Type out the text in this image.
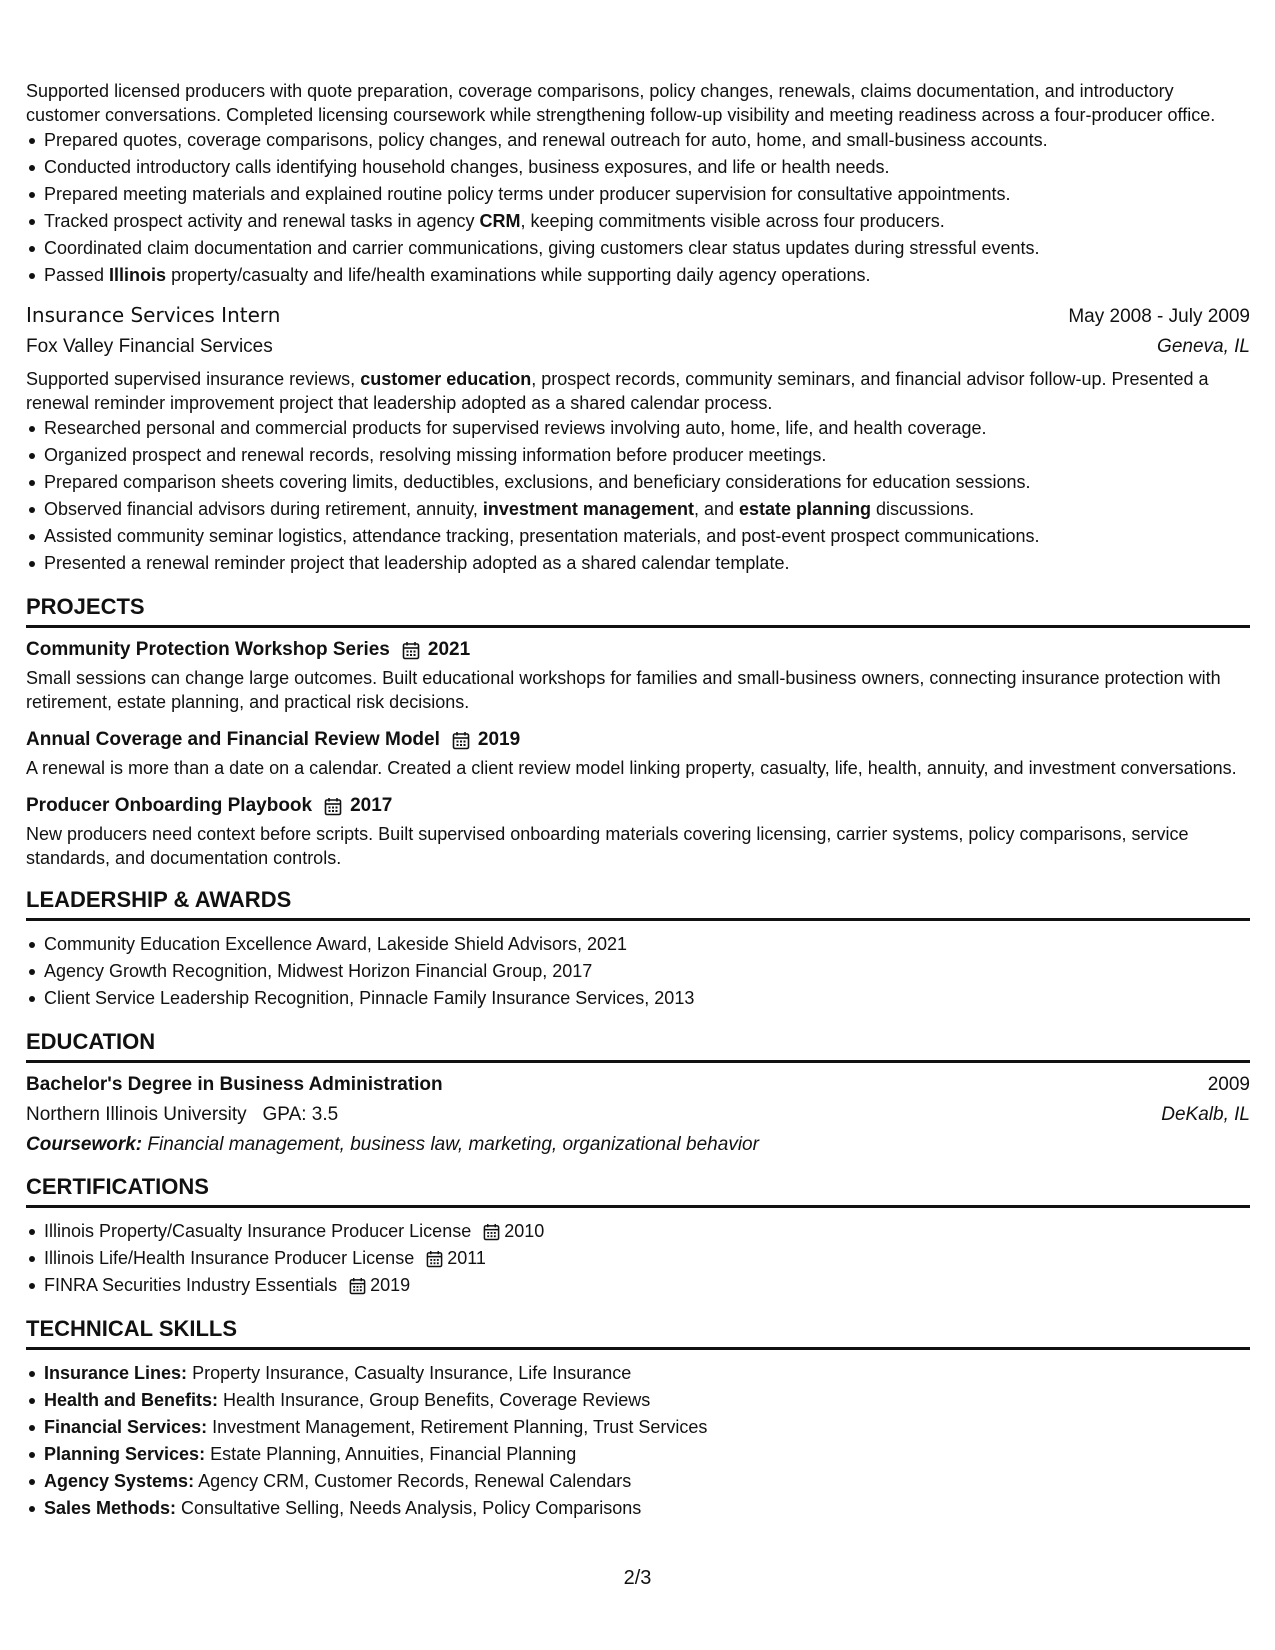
Supported licensed producers with quote preparation, coverage comparisons, policy changes, renewals, claims documentation, and introductory customer conversations. Completed licensing coursework while strengthening follow-up visibility and meeting readiness across a four-producer office.

Prepared quotes, coverage comparisons, policy changes, and renewal outreach for auto, home, and small-business accounts.
Conducted introductory calls identifying household changes, business exposures, and life or health needs.
Prepared meeting materials and explained routine policy terms under producer supervision for consultative appointments.
Tracked prospect activity and renewal tasks in agency CRM, keeping commitments visible across four producers.
Coordinated claim documentation and carrier communications, giving customers clear status updates during stressful events.
Passed Illinois property/casualty and life/health examinations while supporting daily agency operations.
Insurance Services Intern	May 2008 - July 2009
Fox Valley Financial Services	Geneva, IL

Supported supervised insurance reviews, customer education, prospect records, community seminars, and financial advisor follow-up. Presented a renewal reminder improvement project that leadership adopted as a shared calendar process.

Researched personal and commercial products for supervised reviews involving auto, home, life, and health coverage.
Organized prospect and renewal records, resolving missing information before producer meetings.
Prepared comparison sheets covering limits, deductibles, exclusions, and beneficiary considerations for education sessions.
Observed financial advisors during retirement, annuity, investment management, and estate planning discussions.
Assisted community seminar logistics, attendance tracking, presentation materials, and post-event prospect communications.
Presented a renewal reminder project that leadership adopted as a shared calendar template.
PROJECTS
Community Protection Workshop Series 2021

Small sessions can change large outcomes. Built educational workshops for families and small-business owners, connecting insurance protection with retirement, estate planning, and practical risk decisions.

Annual Coverage and Financial Review Model 2019

A renewal is more than a date on a calendar. Created a client review model linking property, casualty, life, health, annuity, and investment conversations.

Producer Onboarding Playbook 2017

New producers need context before scripts. Built supervised onboarding materials covering licensing, carrier systems, policy comparisons, service standards, and documentation controls.

LEADERSHIP & AWARDS
Community Education Excellence Award, Lakeside Shield Advisors, 2021
Agency Growth Recognition, Midwest Horizon Financial Group, 2017
Client Service Leadership Recognition, Pinnacle Family Insurance Services, 2013
EDUCATION
Bachelor's Degree in Business Administration	2009
Northern Illinois University GPA: 3.5	DeKalb, IL
Coursework: Financial management, business law, marketing, organizational behavior
CERTIFICATIONS
Illinois Property/Casualty Insurance Producer License 2010
Illinois Life/Health Insurance Producer License 2011
FINRA Securities Industry Essentials 2019
TECHNICAL SKILLS
Insurance Lines: Property Insurance, Casualty Insurance, Life Insurance
Health and Benefits: Health Insurance, Group Benefits, Coverage Reviews
Financial Services: Investment Management, Retirement Planning, Trust Services
Planning Services: Estate Planning, Annuities, Financial Planning
Agency Systems: Agency CRM, Customer Records, Renewal Calendars
Sales Methods: Consultative Selling, Needs Analysis, Policy Comparisons
2/3
